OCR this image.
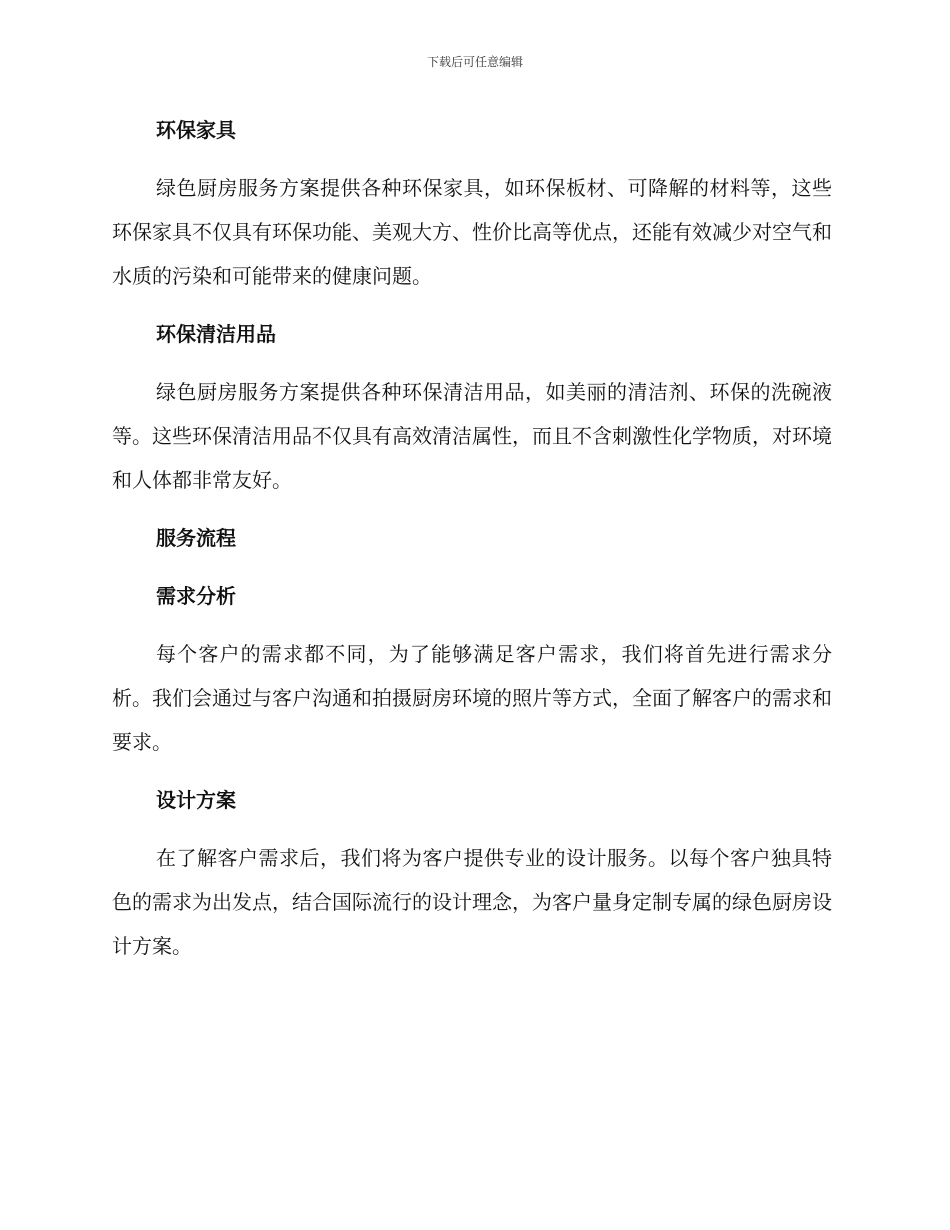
下载后可任意编辑
环保家具
绿色厨房服务方案提供各种环保家具，如环保板材、可降解的材料等，这些环保家具不仅具有环保功能、美观大方、性价比高等优点，还能有效减少对空气和水质的污染和可能带来的健康问题。
环保清洁用品
绿色厨房服务方案提供各种环保清洁用品，如美丽的清洁剂、环保的洗碗液等。这些环保清洁用品不仅具有高效清洁属性，而且不含刺激性化学物质，对环境和人体都非常友好。
服务流程
需求分析
每个客户的需求都不同，为了能够满足客户需求，我们将首先进行需求分析。我们会通过与客户沟通和拍摄厨房环境的照片等方式，全面了解客户的需求和要求。
设计方案
在了解客户需求后，我们将为客户提供专业的设计服务。以每个客户独具特色的需求为出发点，结合国际流行的设计理念，为客户量身定制专属的绿色厨房设计方案。
